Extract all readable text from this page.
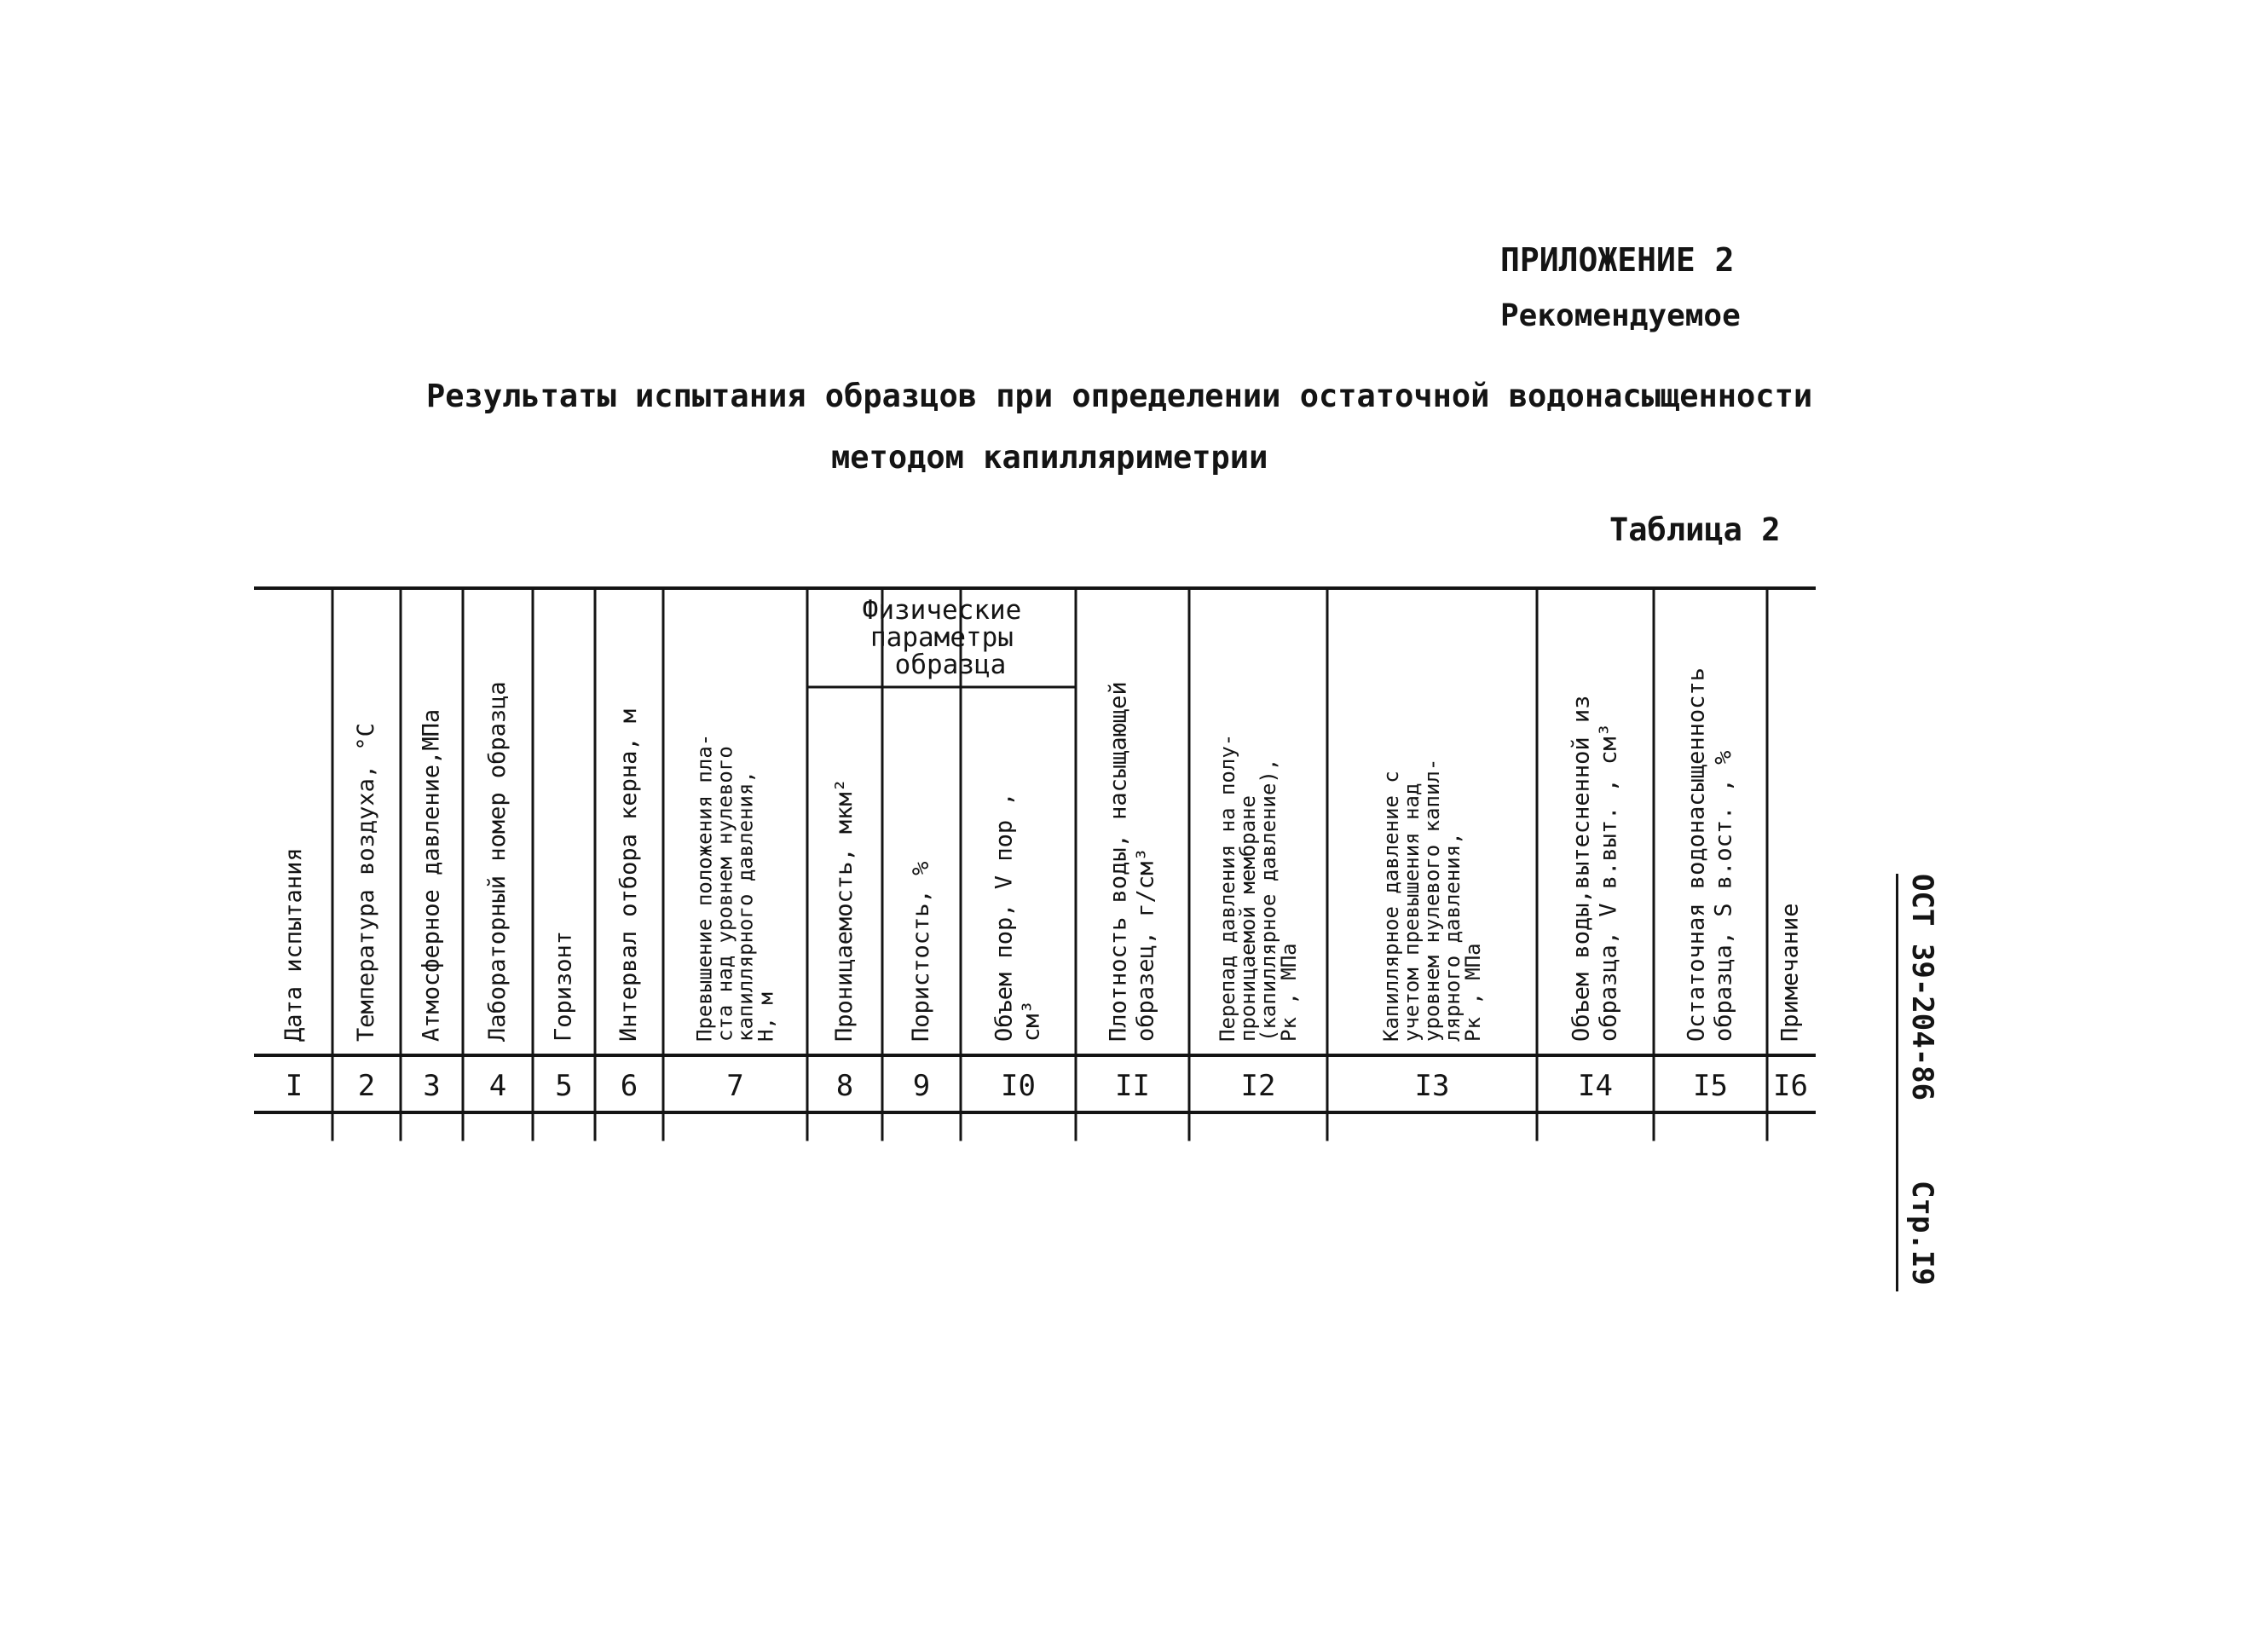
ПРИЛОЖЕНИЕ 2
Рекомендуемое
Результаты испытания образцов при определении остаточной водонасыщенности
методом капилляриметрии
Таблица 2
I
Дата испытания
2
Температура воздуха, °C
3
Атмосферное давление,МПа
4
Лабораторный номер образца
5
Горизонт
6
Интервал отбора керна, м
7
Превышение положения пла-
ста над уровнем нулевого
капиллярного давления,
Н, м
8
Проницаемость, мкм²
9
Пористость, %
I0
Объем пор, V пор , см³
II
Плотность воды, насыщающей образец, г/см³
I2
Перепад давления на полу-
проницаемой мембране
(капиллярное давление),
Pк , МПа
I3
Капиллярное давление с
учетом превышения над
уровнем нулевого капил-
лярного давления,
Pк , МПа
I4
Объем воды,вытесненной из образца, V в.выт. , см³
I5
Остаточная водонасыщенность образца, S в.ост. , %
I6
Примечание
Физические
параметры
образца
ОСТ 39-204-86
Стр.I9
